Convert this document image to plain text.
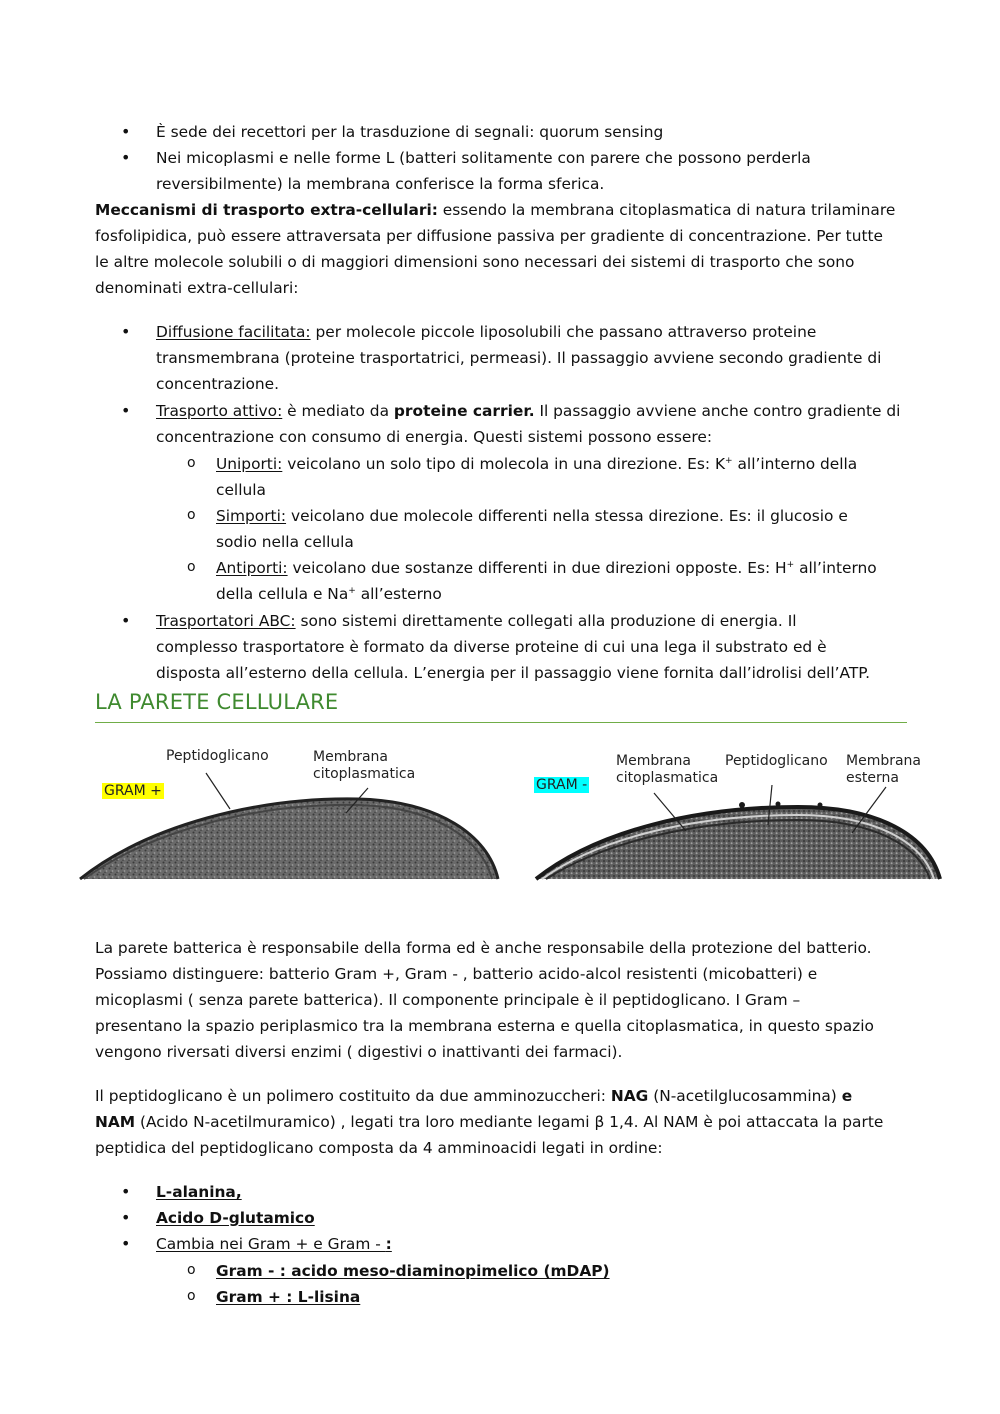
• È sede dei recettori per la trasduzione di segnali: quorum sensing
• Nei micoplasmi e nelle forme L (batteri solitamente con parere che possono perderla
reversibilmente) la membrana conferisce la forma sferica.

Meccanismi di trasporto extra-cellulari: essendo la membrana citoplasmatica di natura trilaminare
fosfolipidica, può essere attraversata per diffusione passiva per gradiente di concentrazione. Per tutte
le altre molecole solubili o di maggiori dimensioni sono necessari dei sistemi di trasporto che sono
denominati extra-cellulari:

• Diffusione facilitata: per molecole piccole liposolubili che passano attraverso proteine
transmembrana (proteine trasportatrici, permeasi). Il passaggio avviene secondo gradiente di
concentrazione.
• Trasporto attivo: è mediato da proteine carrier. Il passaggio avviene anche contro gradiente di
concentrazione con consumo di energia. Questi sistemi possono essere:
o Uniporti: veicolano un solo tipo di molecola in una direzione. Es: K+ all’interno della
cellula
o Simporti: veicolano due molecole differenti nella stessa direzione. Es: il glucosio e
sodio nella cellula
o Antiporti: veicolano due sostanze differenti in due direzioni opposte. Es: H+ all’interno
della cellula e Na+ all’esterno
• Trasportatori ABC: sono sistemi direttamente collegati alla produzione di energia. Il
complesso trasportatore è formato da diverse proteine di cui una lega il substrato ed è
disposta all’esterno della cellula. L’energia per il passaggio viene fornita dall’idrolisi dell’ATP.
LA PARETE CELLULARE
Peptidoglicano	Membrana
citoplasmatica
GRAM +	GRAM -
Membrana
citoplasmatica
Peptidoglicano Membrana
esterna

La parete batterica è responsabile della forma ed è anche responsabile della protezione del batterio.
Possiamo distinguere: batterio Gram +, Gram - , batterio acido-alcol resistenti (micobatteri) e
micoplasmi ( senza parete batterica). Il componente principale è il peptidoglicano. I Gram –
presentano la spazio periplasmico tra la membrana esterna e quella citoplasmatica, in questo spazio
vengono riversati diversi enzimi ( digestivi o inattivanti dei farmaci).

Il peptidoglicano è un polimero costituito da due amminozuccheri: NAG (N-acetilglucosammina) e
NAM (Acido N-acetilmuramico) , legati tra loro mediante legami β 1,4. Al NAM è poi attaccata la parte
peptidica del peptidoglicano composta da 4 amminoacidi legati in ordine:

• L-alanina,
• Acido D-glutamico
• Cambia nei Gram + e Gram - :
o Gram - : acido meso-diaminopimelico (mDAP)
o Gram + : L-lisina
